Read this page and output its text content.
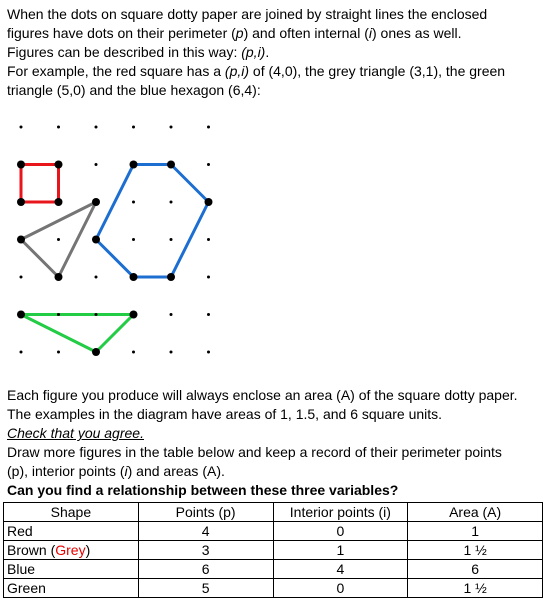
When the dots on square dotty paper are joined by straight lines the enclosed
figures have dots on their perimeter (p) and often internal (i) ones as well.
Figures can be described in this way: (p,i).
For example, the red square has a (p,i) of (4,0), the grey triangle (3,1), the green
triangle (5,0) and the blue hexagon (6,4):

Each figure you produce will always enclose an area (A) of the square dotty paper.
The examples in the diagram have areas of 1, 1.5, and 6 square units.
Check that you agree.
Draw more figures in the table below and keep a record of their perimeter points
(p), interior points (i) and areas (A).
Can you find a relationship between these three variables?

Shape	Points (p)	Interior points (i)	Area (A)
Red	4	0	1
Brown (Grey)	3	1	1 ½
Blue	6	4	6
Green	5	0	1 ½
